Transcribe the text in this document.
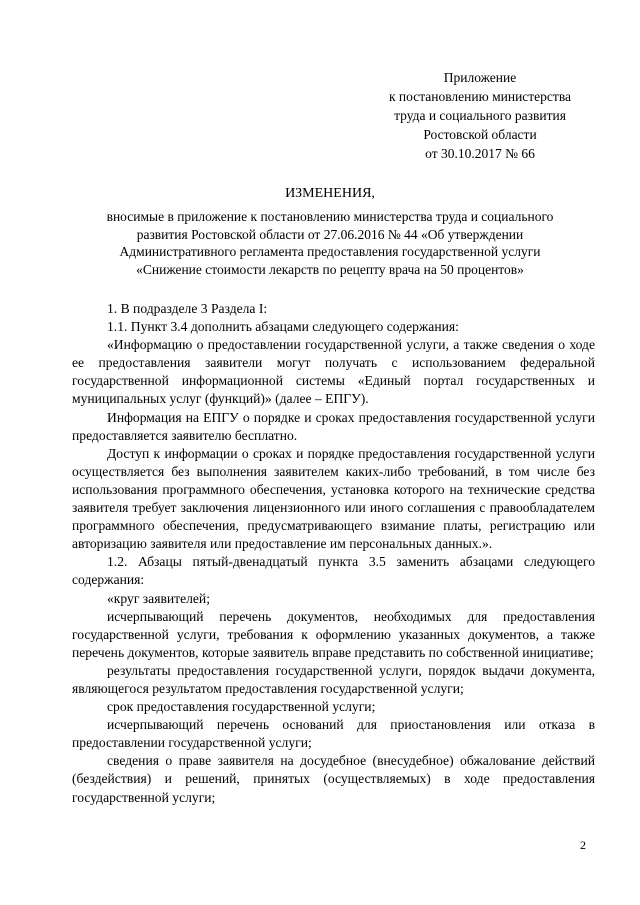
Приложение
к постановлению министерства
труда и социального развития
Ростовской области
от 30.10.2017 № 66
ИЗМЕНЕНИЯ,
вносимые в приложение к постановлению министерства труда и социального
развития Ростовской области от 27.06.2016 № 44 «Об утверждении
Административного регламента предоставления государственной услуги
«Снижение стоимости лекарств по рецепту врача на 50 процентов»

1. В подразделе 3 Раздела I:

1.1. Пункт 3.4 дополнить абзацами следующего содержания:

«Информацию о предоставлении государственной услуги, а также сведения о ходе ее предоставления заявители могут получать с использованием федеральной государственной информационной системы «Единый портал государственных и муниципальных услуг (функций)» (далее – ЕПГУ).

Информация на ЕПГУ о порядке и сроках предоставления государственной услуги предоставляется заявителю бесплатно.

Доступ к информации о сроках и порядке предоставления государственной услуги осуществляется без выполнения заявителем каких-либо требований, в том числе без использования программного обеспечения, установка которого на технические средства заявителя требует заключения лицензионного или иного соглашения с правообладателем программного обеспечения, предусматривающего взимание платы, регистрацию или авторизацию заявителя или предоставление им персональных данных.».

1.2. Абзацы пятый-двенадцатый пункта 3.5 заменить абзацами следующего содержания:

«круг заявителей;

исчерпывающий перечень документов, необходимых для предоставления государственной услуги, требования к оформлению указанных документов, а также перечень документов, которые заявитель вправе представить по собственной инициативе;

результаты предоставления государственной услуги, порядок выдачи документа, являющегося результатом предоставления государственной услуги;

срок предоставления государственной услуги;

исчерпывающий перечень оснований для приостановления или отказа в предоставлении государственной услуги;

сведения о праве заявителя на досудебное (внесудебное) обжалование действий (бездействия) и решений, принятых (осуществляемых) в ходе предоставления государственной услуги;

2
